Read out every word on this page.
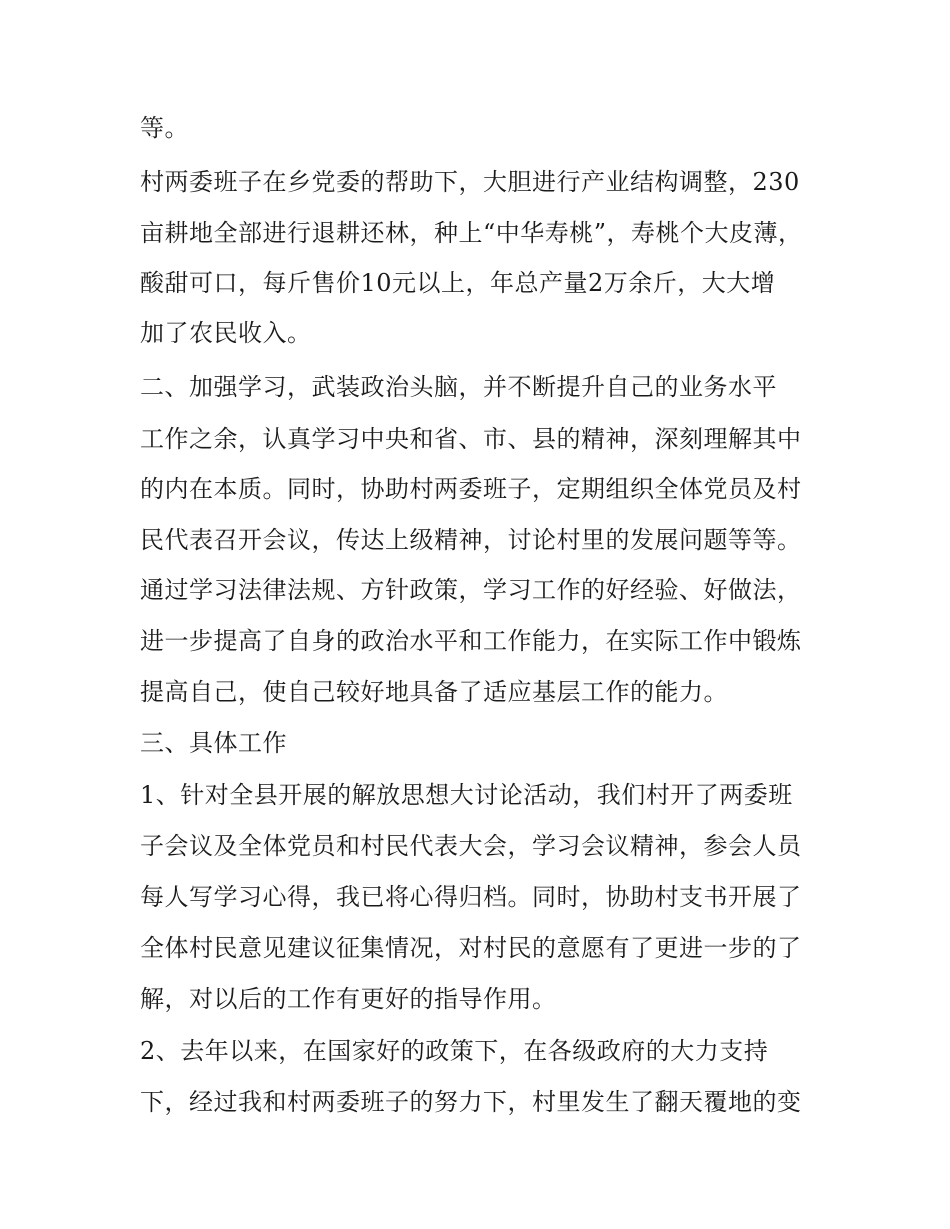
等。
村两委班子在乡党委的帮助下，大胆进行产业结构调整，230
亩耕地全部进行退耕还林，种上“中华寿桃”，寿桃个大皮薄，
酸甜可口，每斤售价10元以上，年总产量2万余斤，大大增
加了农民收入。
二、加强学习，武装政治头脑，并不断提升自己的业务水平
工作之余，认真学习中央和省、市、县的精神，深刻理解其中
的内在本质。同时，协助村两委班子，定期组织全体党员及村
民代表召开会议，传达上级精神，讨论村里的发展问题等等。
通过学习法律法规、方针政策，学习工作的好经验、好做法，
进一步提高了自身的政治水平和工作能力，在实际工作中锻炼
提高自己，使自己较好地具备了适应基层工作的能力。
三、具体工作
1、针对全县开展的解放思想大讨论活动，我们村开了两委班
子会议及全体党员和村民代表大会，学习会议精神，参会人员
每人写学习心得，我已将心得归档。同时，协助村支书开展了
全体村民意见建议征集情况，对村民的意愿有了更进一步的了
解，对以后的工作有更好的指导作用。
2、去年以来，在国家好的政策下，在各级政府的大力支持
下，经过我和村两委班子的努力下，村里发生了翻天覆地的变
